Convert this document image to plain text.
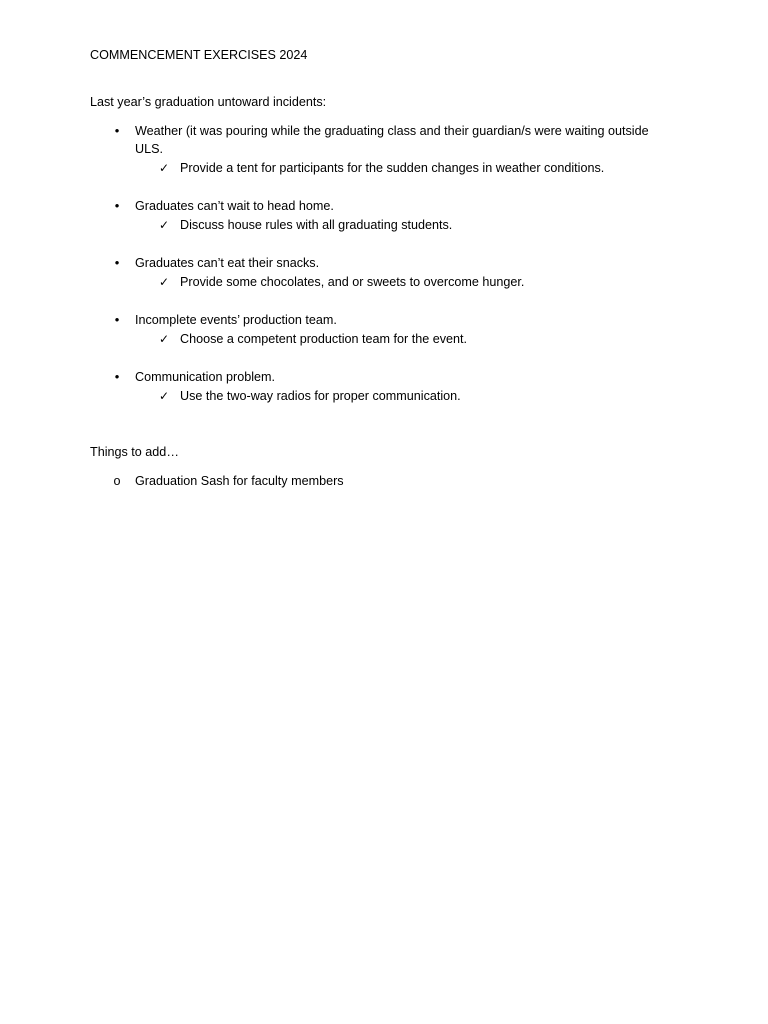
COMMENCEMENT EXERCISES 2024

Last year’s graduation untoward incidents:

• Weather (it was pouring while the graduating class and their guardian/s were waiting outside ULS.
✓ Provide a tent for participants for the sudden changes in weather conditions.
• Graduates can’t wait to head home.
✓ Discuss house rules with all graduating students.
• Graduates can’t eat their snacks.
✓ Provide some chocolates, and or sweets to overcome hunger.
• Incomplete events’ production team.
✓ Choose a competent production team for the event.
• Communication problem.
✓ Use the two-way radios for proper communication.

Things to add…

o Graduation Sash for faculty members
